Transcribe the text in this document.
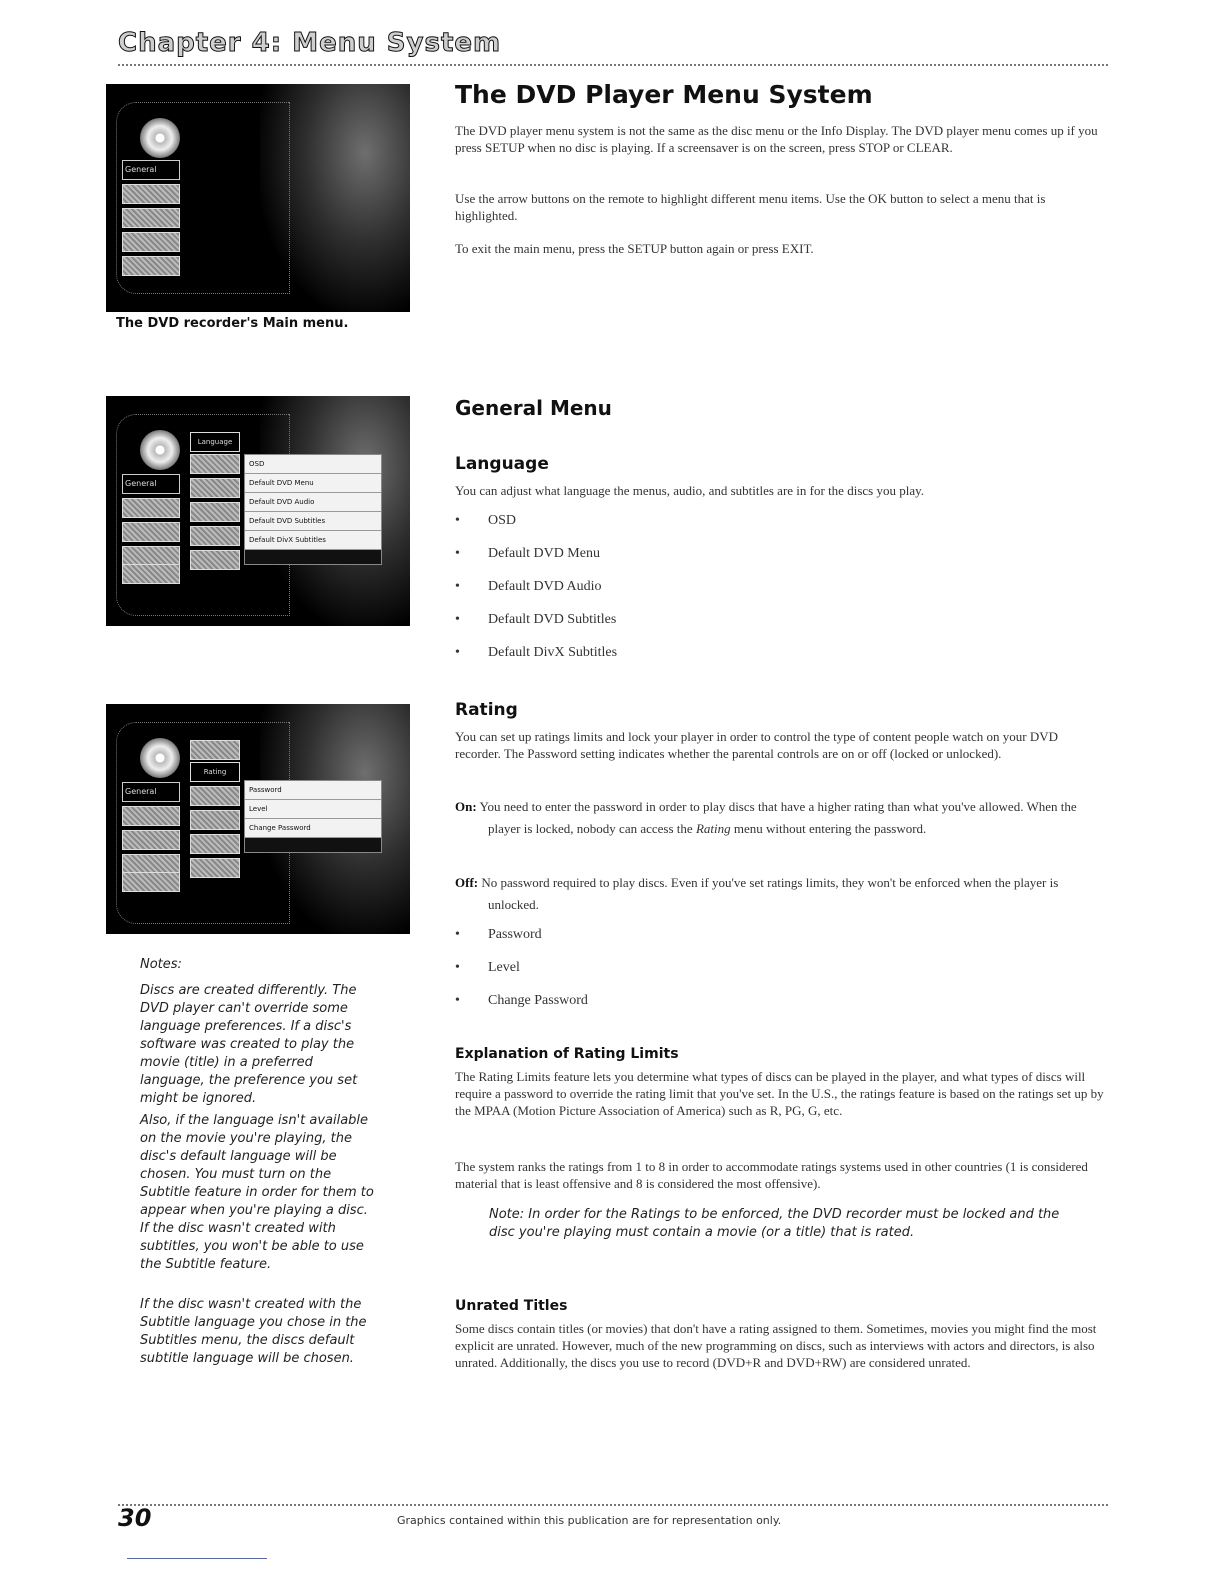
Chapter 4: Menu System
General
The DVD recorder's Main menu.
General
Language
OSD
Default DVD Menu
Default DVD Audio
Default DVD Subtitles
Default DivX Subtitles
General
Rating
Password
Level
Change Password
Notes:

Discs are created differently. The DVD player can't override some language preferences. If a disc's software was created to play the movie (title) in a preferred language, the preference you set might be ignored.

Also, if the language isn't available on the movie you're playing, the disc's default language will be chosen. You must turn on the Subtitle feature in order for them to appear when you're playing a disc. If the disc wasn't created with subtitles, you won't be able to use the Subtitle feature.

If the disc wasn't created with the Subtitle language you chose in the Subtitles menu, the discs default subtitle language will be chosen.

The DVD Player Menu System

The DVD player menu system is not the same as the disc menu or the Info Display. The DVD player menu comes up if you press SETUP when no disc is playing. If a screensaver is on the screen, press STOP or CLEAR.

Use the arrow buttons on the remote to highlight different menu items. Use the OK button to select a menu that is highlighted.

To exit the main menu, press the SETUP button again or press EXIT.

General Menu
Language

You can adjust what language the menus, audio, and subtitles are in for the discs you play.

• OSD
• Default DVD Menu
• Default DVD Audio
• Default DVD Subtitles
• Default DivX Subtitles
Rating

You can set up ratings limits and lock your player in order to control the type of content people watch on your DVD recorder. The Password setting indicates whether the parental controls are on or off (locked or unlocked).

On: You need to enter the password in order to play discs that have a higher rating than what you've allowed. When the player is locked, nobody can access the Rating menu without entering the password.

Off: No password required to play discs. Even if you've set ratings limits, they won't be enforced when the player is unlocked.

• Password
• Level
• Change Password
Explanation of Rating Limits

The Rating Limits feature lets you determine what types of discs can be played in the player, and what types of discs will require a password to override the rating limit that you've set. In the U.S., the ratings feature is based on the ratings set up by the MPAA (Motion Picture Association of America) such as R, PG, G, etc.

The system ranks the ratings from 1 to 8 in order to accommodate ratings systems used in other countries (1 is considered material that is least offensive and 8 is considered the most offensive).

Note: In order for the Ratings to be enforced, the DVD recorder must be locked and the disc you're playing must contain a movie (or a title) that is rated.
Unrated Titles

Some discs contain titles (or movies) that don't have a rating assigned to them. Sometimes, movies you might find the most explicit are unrated. However, much of the new programming on discs, such as interviews with actors and directors, is also unrated. Additionally, the discs you use to record (DVD+R and DVD+RW) are considered unrated.

30	Graphics contained within this publication are for representation only.
